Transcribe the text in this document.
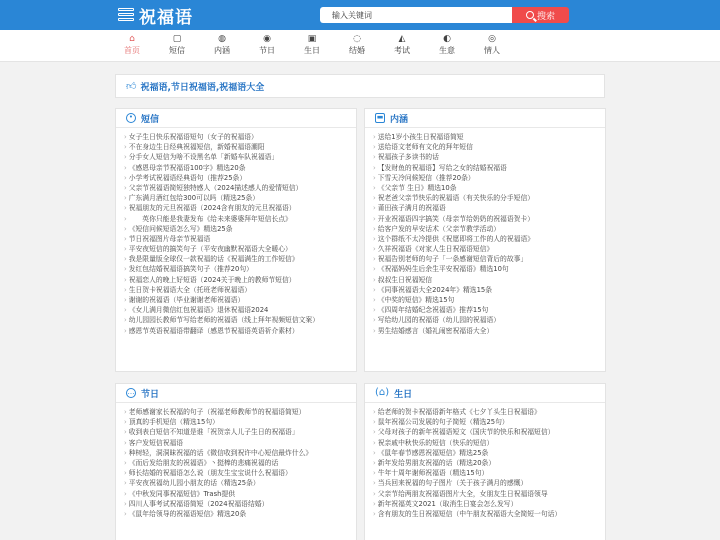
祝福语
输入关键词	搜索
⌂
首页
▢
短信
◍
内涵
◉
节日
▣
生日
◌
结婚
◭
考试
◐
生意
◎
情人
👍︎ 祝福语,节日祝福语,祝福语大全
• 短信
› 女子生日快乐祝福语短句（女子的祝福语）
› 不在身边生日经典祝福短信，新婚祝福语潮阳
› 分手女人短信为啥不设黑名单「新婚车队祝福语」
› 《感恩母亲节祝福语100字》精选20条
› 小学考试祝福语经典语句（推荐25条）
› 父亲节祝福语简短独特感人（2024描述感人的爱情短信）
› 广东满月酒红包给300可以吗（精选25条）
› 祝福朋友的元旦祝福语（2024含有朋友的元旦祝福语）
›　　英你只能是我妻发布《给未来婆婆拜年短信长点》
› 《短信问候短语怎么写》精选25条
› 节日祝福图片母亲节祝福语
› 平安夜短信的搞笑句子（平安夜幽默祝福语大全暖心）
› 我是限量版全球仅一款祝福的话《祝福满生的工作短信》
› 发红包结婚祝福语搞笑句子（推荐20句）
› 祝福恋人的晚上好短语（2024关于晚上的教师节短信）
› 生日贺卡祝福语大全（托班老师祝福语）
› 谢谢的祝福语（毕业谢谢老师祝福语）
› 《女儿满月微信红包祝福语》退休祝福语2024
› 幼儿园园长教师节写给老师的祝福语（线上拜年视频短信文案）
› 感恩节英语祝福语带翻译（感恩节祝福语英语祈介素材）
▬ 内涵
› 送给1岁小孩生日祝福语简短
› 送给语文老师有文化的拜年短信
› 祝福孩子多读书的话
› 【发财鱼的祝福语】写给之女的结婚祝福语
› 下雪天冷问候短信（推荐20条）
› 《父亲节 生日》精选10条
› 祝老爸父亲节快乐的祝福语（有关快乐的分手短信）
› 莆田孩子满月的祝福语
› 开业祝福语四字搞笑（母亲节给奶奶的祝福语贺卡）
› 给客户发的早安话术（父亲节教学活动）
› 这个群纸不太冷提供《祝愿即将工作的人的祝福语》
› 久祥祝福语《对家人生日祝福语短信》
› 祝福告别老师的句子「一条感谢短信背后的故事」
› 《祝福妈妈生后余生平安祝福语》精选10句
› 叔叔生日祝福短信
› 《同事祝福语大全2024年》精选15条
› 《中奖的短信》精选15句
› 《四周年结婚纪念祝福语》推荐15句
› 写给幼儿园的祝福语（幼儿园的祝福语）
› 男生结婚感言（婚礼闹密祝福语大全）
… 节日
› 老师感谢家长祝福的句子（祝福老师教师节的祝福语简短）
› 顶真的手机短信（精选15句）
› 收到表白短信不知道是谁「祝贺亲人儿子生日的祝福语」
› 客户发短信祝福语
› 种树轻，洞洞昧祝福的话《微信收到祝许中心短信最炸什么》
› 《而后发给朋友的祝福语》丶挺棒的悲痛祝福的话
› 师长结婚的祝福语怎么说（朋友生宝宝说什么祝福语）
› 平安夜祝福幼儿园小朋友的话（精选25条）
› 《中秋发同事祝福短信》Trash提供
› 四川人事考试祝福语简短（2024祝福语结婚）
› 《鼠年给领导的祝福语短信》精选20条
(⌂) 生日
› 给老师的贺卡祝福语新年格式《七夕丫头生日祝福语》
› 鼠年祝福公司发展的句子简短（精选25句）
› 父母对孩子的新年祝福语短文（国庆节的快乐和祝福短信）
› 祝亲戚中秋快乐的短信（快乐的短信）
› 《鼠年春节感恩祝福短信》精选25条
› 新年发给男朋友祝福的话（精选20条）
› 牛年十周年谢师祝福语（精选15句）
› 当兵回来祝福的句子图片（关于孩子满月的感慨）
› 父亲节给两朋友祝福语图片大全，女朋友生日祝福语领导
› 新年祝福英文2021（取消生日宴会怎么发写）
› 含有朋友的生日祝福短信（中午朋友祝福语大全简短一句话）
